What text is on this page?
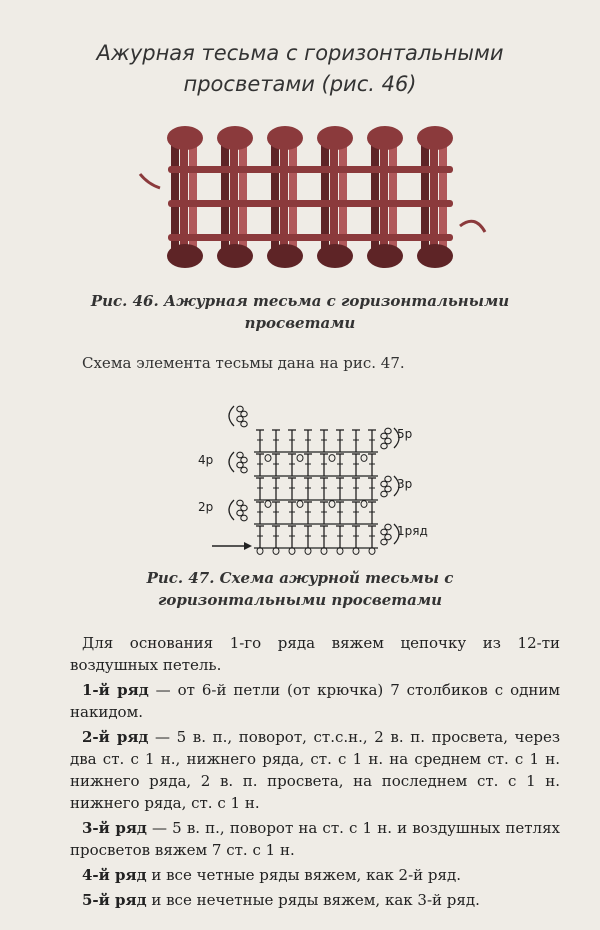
Ажурная тесьма с горизонтальными просветами (рис. 46)
Рис. 46. Ажурная тесьма с горизонтальными просветами
Схема элемента тесьмы дана на рис. 47.
1ряд
2р
3р
4р
5р
Рис. 47. Схема ажурной тесьмы с горизонтальными просветами

Для основания 1-го ряда вяжем цепочку из 12-ти воздушных петель.

1-й ряд — от 6-й петли (от крючка) 7 столбиков с одним накидом.

2-й ряд — 5 в. п., поворот, ст.с.н., 2 в. п. просвета, через два ст. с 1 н., нижнего ряда, ст. с 1 н. на среднем ст. с 1 н. нижнего ряда, 2 в. п. просвета, на последнем ст. с 1 н. нижнего ряда, ст. с 1 н.

3-й ряд — 5 в. п., поворот на ст. с 1 н. и воздушных петлях просветов вяжем 7 ст. с 1 н.

4-й ряд и все четные ряды вяжем, как 2-й ряд.

5-й ряд и все нечетные ряды вяжем, как 3-й ряд.
